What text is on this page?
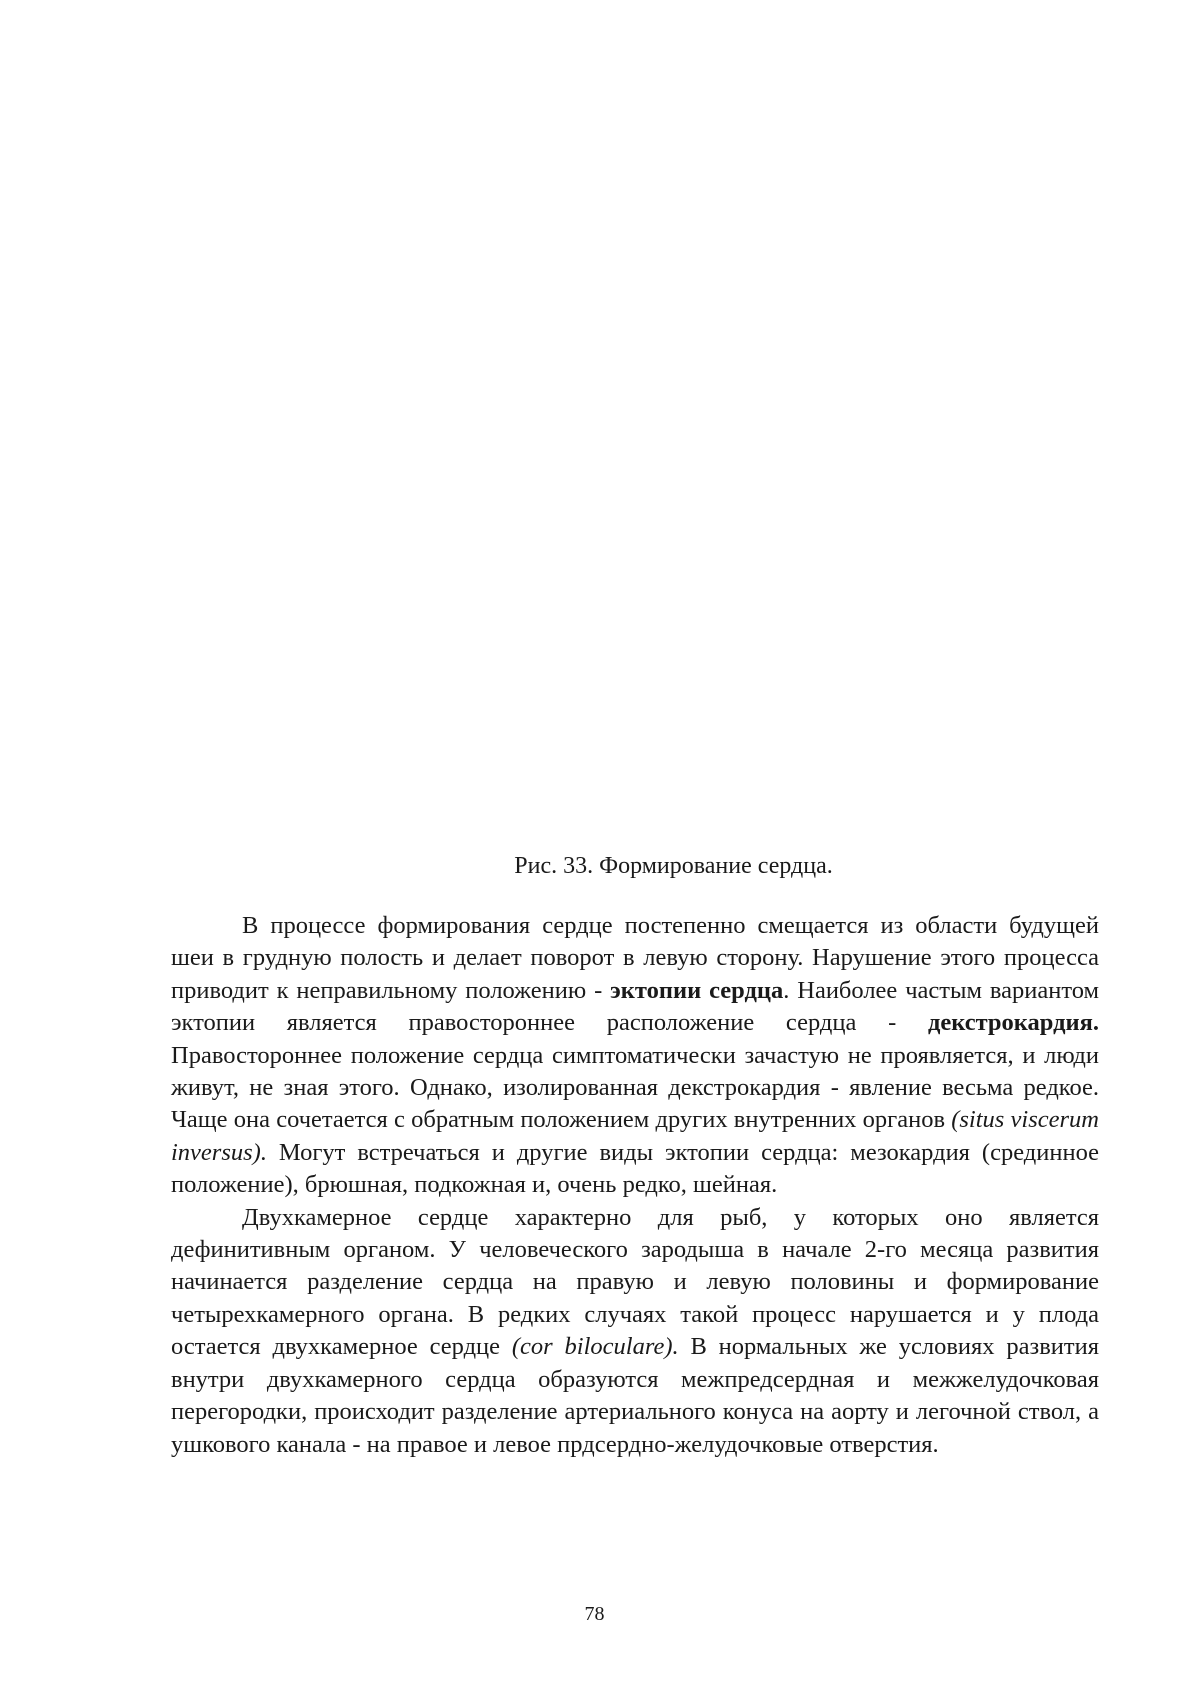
Рис. 33. Формирование сердца.

В процессе формирования сердце постепенно смещается из области будущей шеи в грудную полость и делает поворот в левую сторону. Нарушение этого процесса приводит к неправильному положению - эктопии сердца. Наиболее частым вариантом эктопии является правостороннее расположение сердца - декстрокардия. Правостороннее положение сердца симптоматически зачастую не проявляется, и люди живут, не зная этого. Однако, изолированная декстрокардия - явление весьма редкое. Чаще она сочетается с обратным положением других внутренних органов (situs viscerum inversus). Могут встречаться и другие виды эктопии сердца: мезокардия (срединное положение), брюшная, подкожная и, очень редко, шейная.

Двухкамерное сердце характерно для рыб, у которых оно является дефинитивным органом. У человеческого зародыша в начале 2-го месяца развития начинается разделение сердца на правую и левую половины и формирование четырехкамерного органа. В редких случаях такой процесс нарушается и у плода остается двухкамерное сердце (cor biloculare). В нормальных же условиях развития внутри двухкамерного сердца образуются межпредсердная и межжелудочковая перегородки, происходит разделение артериального конуса на аорту и легочной ствол, а ушкового канала - на правое и левое прдсердно-желудочковые отверстия.

78
